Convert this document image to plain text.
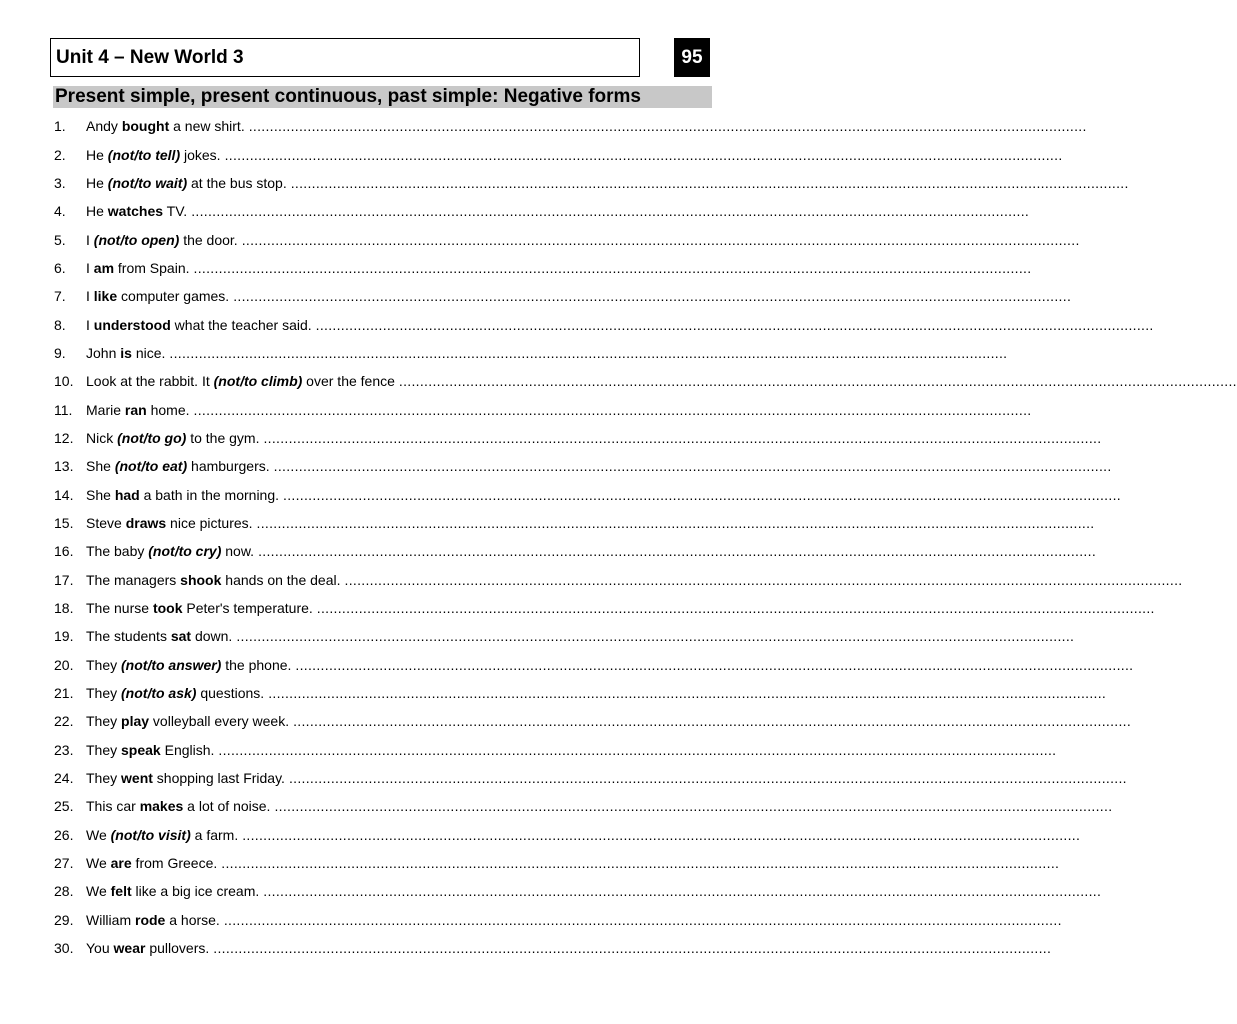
Unit 4 – New World 3	95
Present simple, present continuous, past simple: Negative forms
1.	Andy bought a new shirt. ........................................................................................................................................................................................................
2.	He (not/to tell) jokes. ........................................................................................................................................................................................................
3.	He (not/to wait) at the bus stop. ........................................................................................................................................................................................................
4.	He watches TV. ........................................................................................................................................................................................................
5.	I (not/to open) the door. ........................................................................................................................................................................................................
6.	I am from Spain. ........................................................................................................................................................................................................
7.	I like computer games. ........................................................................................................................................................................................................
8.	I understood what the teacher said. ........................................................................................................................................................................................................
9.	John is nice. ........................................................................................................................................................................................................
10. Look at the rabbit. It (not/to climb) over the fence ........................................................................................................................................................................................................
11. Marie ran home. ........................................................................................................................................................................................................
12. Nick (not/to go) to the gym. ........................................................................................................................................................................................................
13. She (not/to eat) hamburgers. ........................................................................................................................................................................................................
14. She had a bath in the morning. ........................................................................................................................................................................................................
15. Steve draws nice pictures. ........................................................................................................................................................................................................
16. The baby (not/to cry) now. ........................................................................................................................................................................................................
17. The managers shook hands on the deal. ........................................................................................................................................................................................................
18. The nurse took Peter's temperature. ........................................................................................................................................................................................................
19. The students sat down. ........................................................................................................................................................................................................
20. They (not/to answer) the phone. ........................................................................................................................................................................................................
21. They (not/to ask) questions. ........................................................................................................................................................................................................
22. They play volleyball every week. ........................................................................................................................................................................................................
23. They speak English. ........................................................................................................................................................................................................
24. They went shopping last Friday. ........................................................................................................................................................................................................
25. This car makes a lot of noise. ........................................................................................................................................................................................................
26. We (not/to visit) a farm. ........................................................................................................................................................................................................
27. We are from Greece. ........................................................................................................................................................................................................
28. We felt like a big ice cream. ........................................................................................................................................................................................................
29. William rode a horse. ........................................................................................................................................................................................................
30. You wear pullovers. ........................................................................................................................................................................................................
